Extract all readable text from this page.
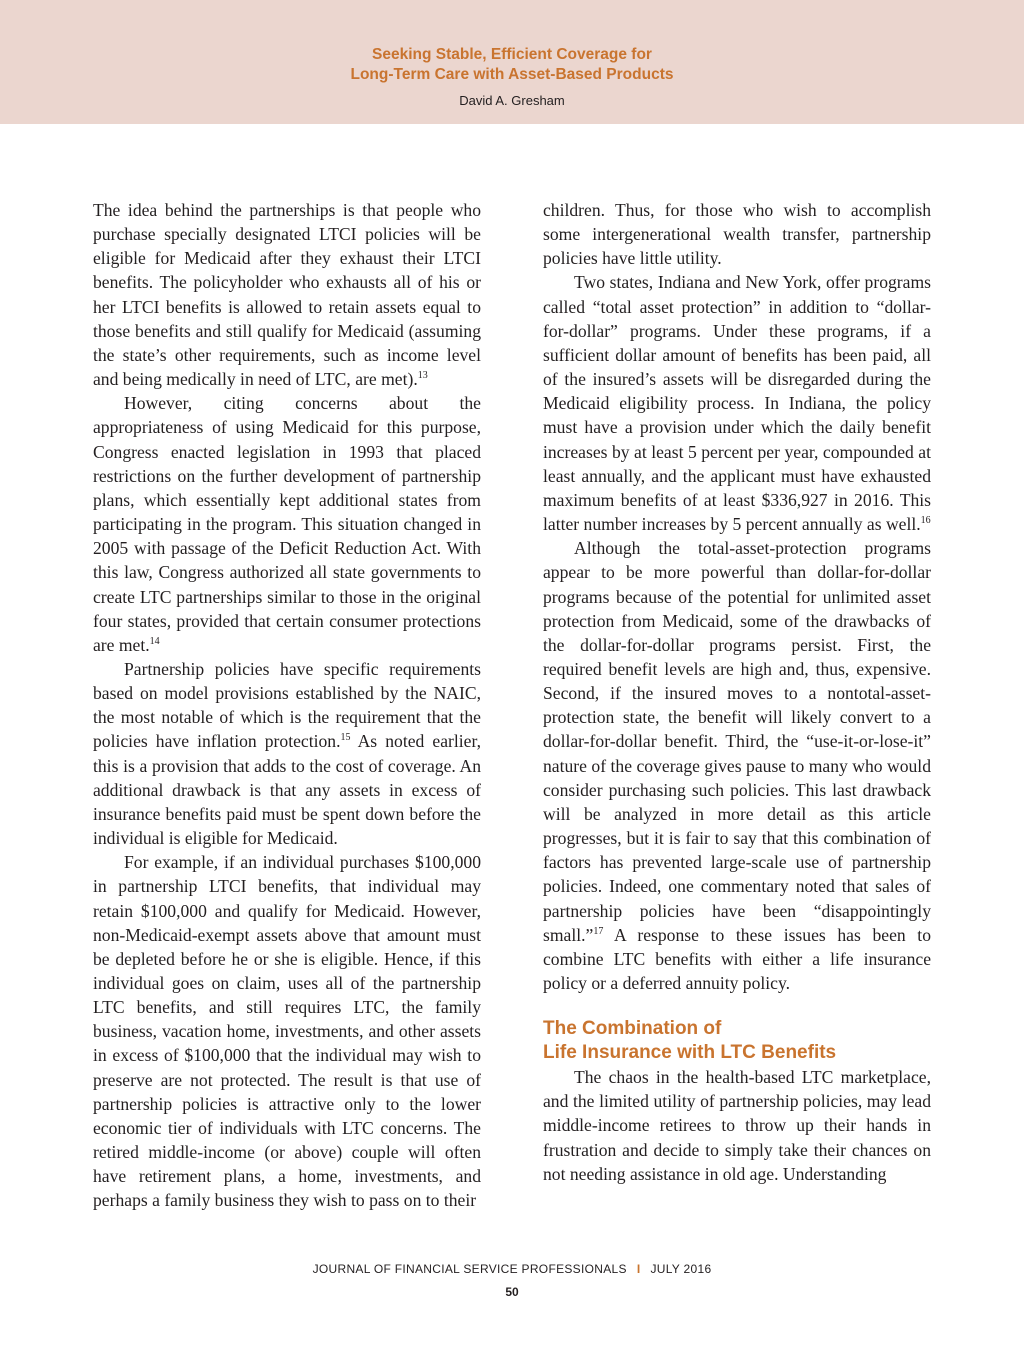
Seeking Stable, Efficient Coverage for
Long-Term Care with Asset-Based Products
David A. Gresham

The idea behind the partnerships is that people who purchase specially designated LTCI policies will be eligible for Medicaid after they exhaust their LTCI benefits. The policyholder who exhausts all of his or her LTCI benefits is allowed to retain assets equal to those benefits and still qualify for Medicaid (assuming the state’s other requirements, such as income level and being medically in need of LTC, are met).$^{13}$

However, citing concerns about the appropriateness of using Medicaid for this purpose, Congress enacted legislation in 1993 that placed restrictions on the further development of partnership plans, which essentially kept additional states from participating in the program. This situation changed in 2005 with passage of the Deficit Reduction Act. With this law, Congress authorized all state governments to create LTC partnerships similar to those in the original four states, provided that certain consumer protections are met.$^{14}$

Partnership policies have specific requirements based on model provisions established by the NAIC, the most notable of which is the requirement that the policies have inflation protection.$^{15}$ As noted earlier, this is a provision that adds to the cost of coverage. An additional drawback is that any assets in excess of insurance benefits paid must be spent down before the individual is eligible for Medicaid.

For example, if an individual purchases $100,000 in partnership LTCI benefits, that individual may retain $100,000 and qualify for Medicaid. However, non-Medicaid-exempt assets above that amount must be depleted before he or she is eligible. Hence, if this individual goes on claim, uses all of the partnership LTC benefits, and still requires LTC, the family business, vacation home, investments, and other assets in excess of $100,000 that the individual may wish to preserve are not protected. The result is that use of partnership policies is attractive only to the lower economic tier of individuals with LTC concerns. The retired middle-income (or above) couple will often have retirement plans, a home, investments, and perhaps a family business they wish to pass on to their

children. Thus, for those who wish to accomplish some intergenerational wealth transfer, partnership policies have little utility.

Two states, Indiana and New York, offer programs called “total asset protection” in addition to “dollar-for-dollar” programs. Under these programs, if a sufficient dollar amount of benefits has been paid, all of the insured’s assets will be disregarded during the Medicaid eligibility process. In Indiana, the policy must have a provision under which the daily benefit increases by at least 5 percent per year, compounded at least annually, and the applicant must have exhausted maximum benefits of at least $336,927 in 2016. This latter number increases by 5 percent annually as well.$^{16}$

Although the total-asset-protection programs appear to be more powerful than dollar-for-dollar programs because of the potential for unlimited asset protection from Medicaid, some of the drawbacks of the dollar-for-dollar programs persist. First, the required benefit levels are high and, thus, expensive. Second, if the insured moves to a nontotal-asset-protection state, the benefit will likely convert to a dollar-for-dollar benefit. Third, the “use-it-or-lose-it” nature of the coverage gives pause to many who would consider purchasing such policies. This last drawback will be analyzed in more detail as this article progresses, but it is fair to say that this combination of factors has prevented large-scale use of partnership policies. Indeed, one commentary noted that sales of partnership policies have been “disappointingly small.”$^{17}$ A response to these issues has been to combine LTC benefits with either a life insurance policy or a deferred annuity policy.

The Combination of
Life Insurance with LTC Benefits

The chaos in the health-based LTC marketplace, and the limited utility of partnership policies, may lead middle-income retirees to throw up their hands in frustration and decide to simply take their chances on not needing assistance in old age. Understanding

JOURNAL OF FINANCIAL SERVICE PROFESSIONALS I JULY 2016
50
